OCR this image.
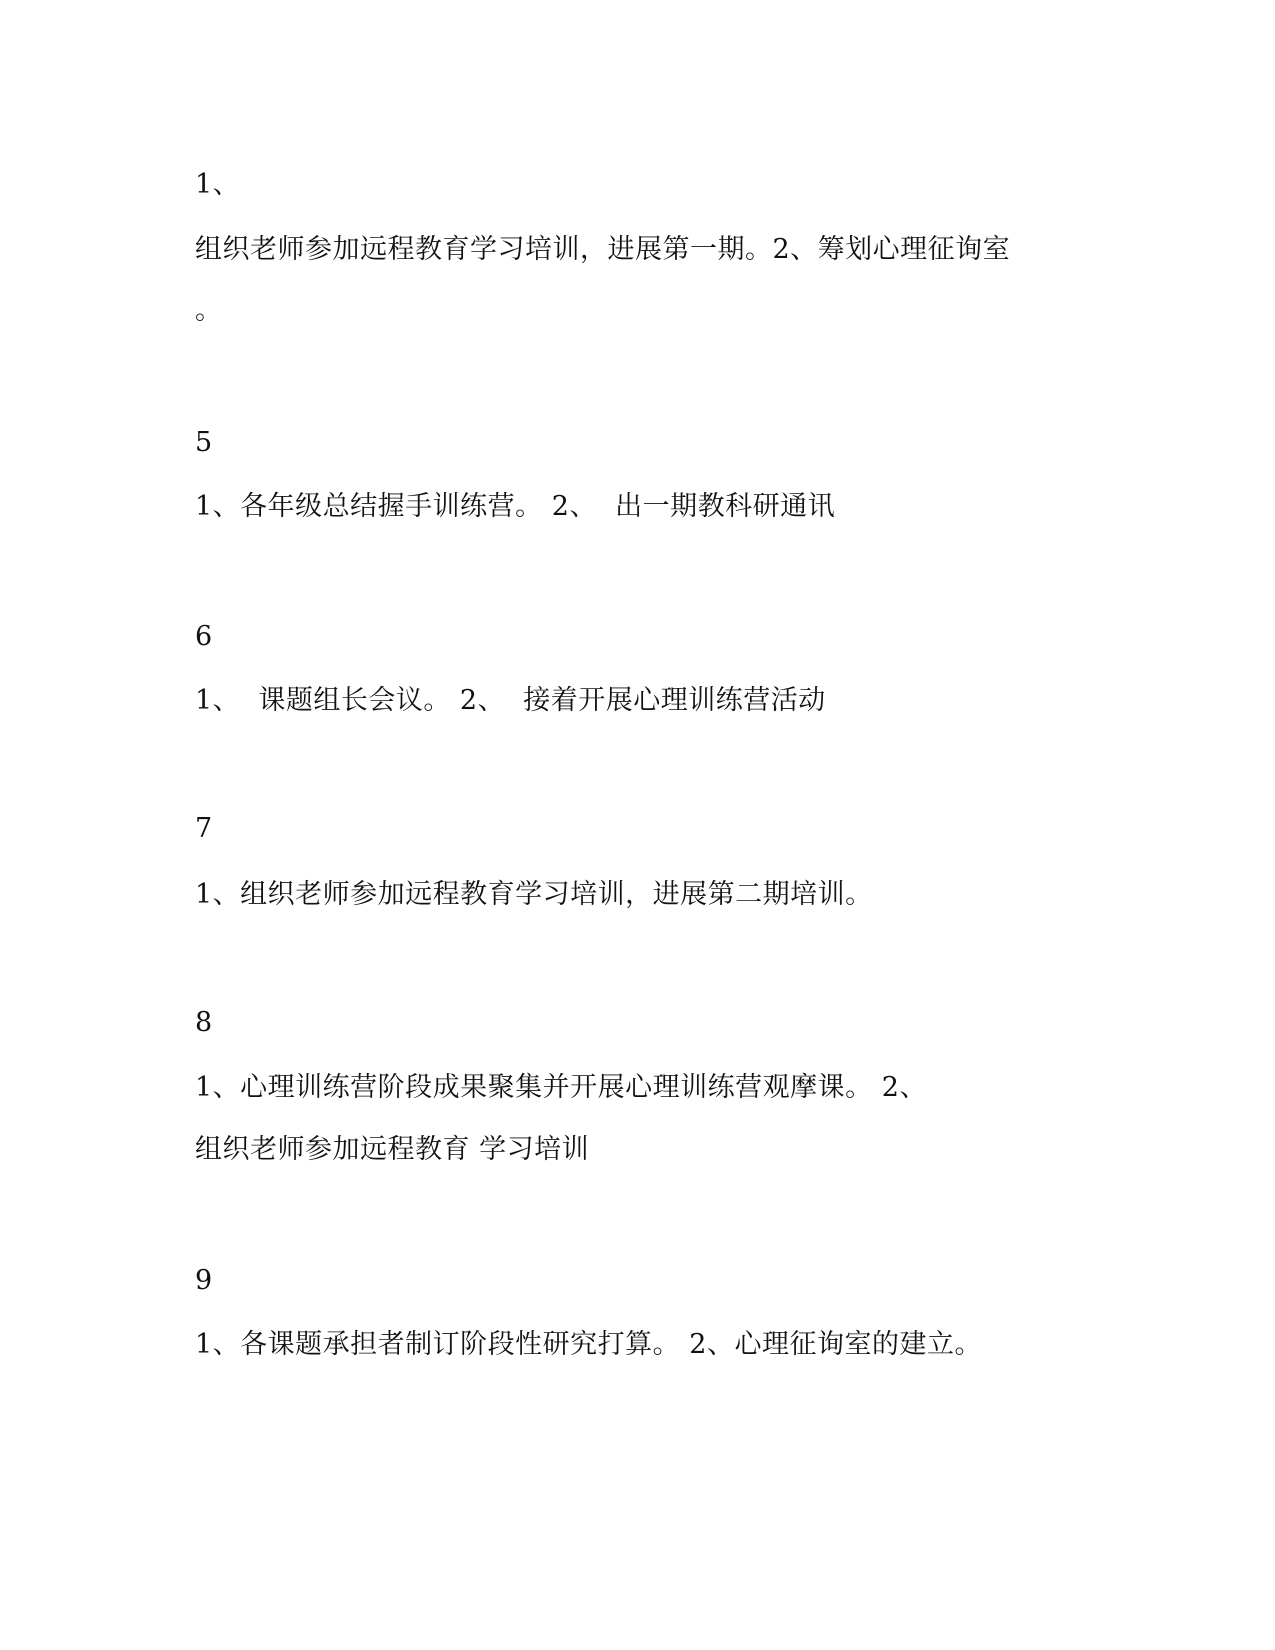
1、
组织老师参加远程教育学习培训，进展第一期。2、筹划心理征询室
。
5
1、各年级总结握手训练营。 2、  出一期教科研通讯
6
1、  课题组长会议。 2、  接着开展心理训练营活动
7
1、组织老师参加远程教育学习培训，进展第二期培训。
8
1、心理训练营阶段成果聚集并开展心理训练营观摩课。 2、
组织老师参加远程教育 学习培训
9
1、各课题承担者制订阶段性研究打算。 2、心理征询室的建立。
